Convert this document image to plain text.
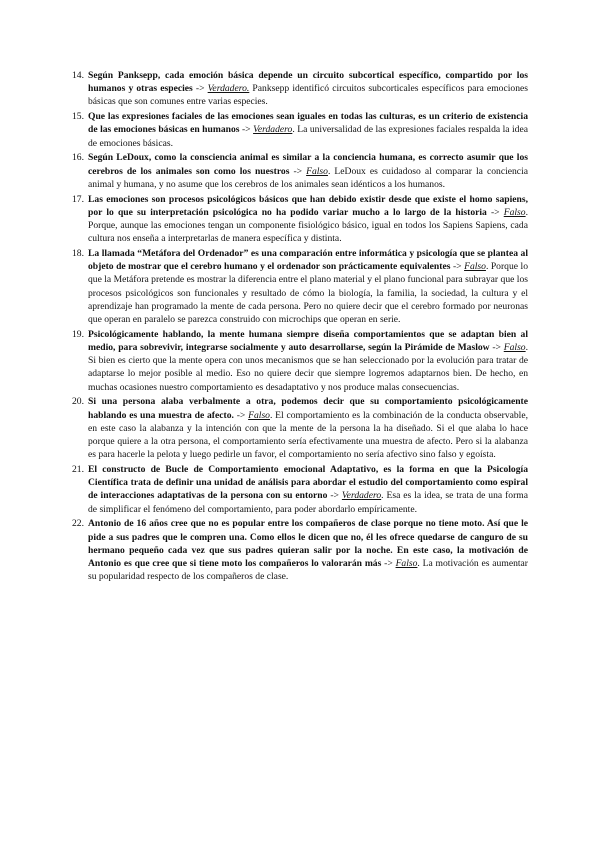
14. Según Panksepp, cada emoción básica depende un circuito subcortical específico, compartido por los humanos y otras especies -> Verdadero. Panksepp identificó circuitos subcorticales específicos para emociones básicas que son comunes entre varias especies.
15. Que las expresiones faciales de las emociones sean iguales en todas las culturas, es un criterio de existencia de las emociones básicas en humanos -> Verdadero. La universalidad de las expresiones faciales respalda la idea de emociones básicas.
16. Según LeDoux, como la consciencia animal es similar a la conciencia humana, es correcto asumir que los cerebros de los animales son como los nuestros -> Falso. LeDoux es cuidadoso al comparar la conciencia animal y humana, y no asume que los cerebros de los animales sean idénticos a los humanos.
17. Las emociones son procesos psicológicos básicos que han debido existir desde que existe el homo sapiens, por lo que su interpretación psicológica no ha podido variar mucho a lo largo de la historia -> Falso. Porque, aunque las emociones tengan un componente fisiológico básico, igual en todos los Sapiens Sapiens, cada cultura nos enseña a interpretarlas de manera específica y distinta.
18. La llamada “Metáfora del Ordenador” es una comparación entre informática y psicología que se plantea al objeto de mostrar que el cerebro humano y el ordenador son prácticamente equivalentes -> Falso. Porque lo que la Metáfora pretende es mostrar la diferencia entre el plano material y el plano funcional para subrayar que los procesos psicológicos son funcionales y resultado de cómo la biología, la familia, la sociedad, la cultura y el aprendizaje han programado la mente de cada persona. Pero no quiere decir que el cerebro formado por neuronas que operan en paralelo se parezca construido con microchips que operan en serie.
19. Psicológicamente hablando, la mente humana siempre diseña comportamientos que se adaptan bien al medio, para sobrevivir, integrarse socialmente y auto desarrollarse, según la Pirámide de Maslow -> Falso. Si bien es cierto que la mente opera con unos mecanismos que se han seleccionado por la evolución para tratar de adaptarse lo mejor posible al medio. Eso no quiere decir que siempre logremos adaptarnos bien. De hecho, en muchas ocasiones nuestro comportamiento es desadaptativo y nos produce malas consecuencias.
20. Si una persona alaba verbalmente a otra, podemos decir que su comportamiento psicológicamente hablando es una muestra de afecto. -> Falso. El comportamiento es la combinación de la conducta observable, en este caso la alabanza y la intención con que la mente de la persona la ha diseñado. Si el que alaba lo hace porque quiere a la otra persona, el comportamiento sería efectivamente una muestra de afecto. Pero si la alabanza es para hacerle la pelota y luego pedirle un favor, el comportamiento no sería afectivo sino falso y egoísta.
21. El constructo de Bucle de Comportamiento emocional Adaptativo, es la forma en que la Psicología Científica trata de definir una unidad de análisis para abordar el estudio del comportamiento como espiral de interacciones adaptativas de la persona con su entorno -> Verdadero. Esa es la idea, se trata de una forma de simplificar el fenómeno del comportamiento, para poder abordarlo empíricamente.
22. Antonio de 16 años cree que no es popular entre los compañeros de clase porque no tiene moto. Así que le pide a sus padres que le compren una. Como ellos le dicen que no, él les ofrece quedarse de canguro de su hermano pequeño cada vez que sus padres quieran salir por la noche. En este caso, la motivación de Antonio es que cree que si tiene moto los compañeros lo valorarán más -> Falso. La motivación es aumentar su popularidad respecto de los compañeros de clase.
